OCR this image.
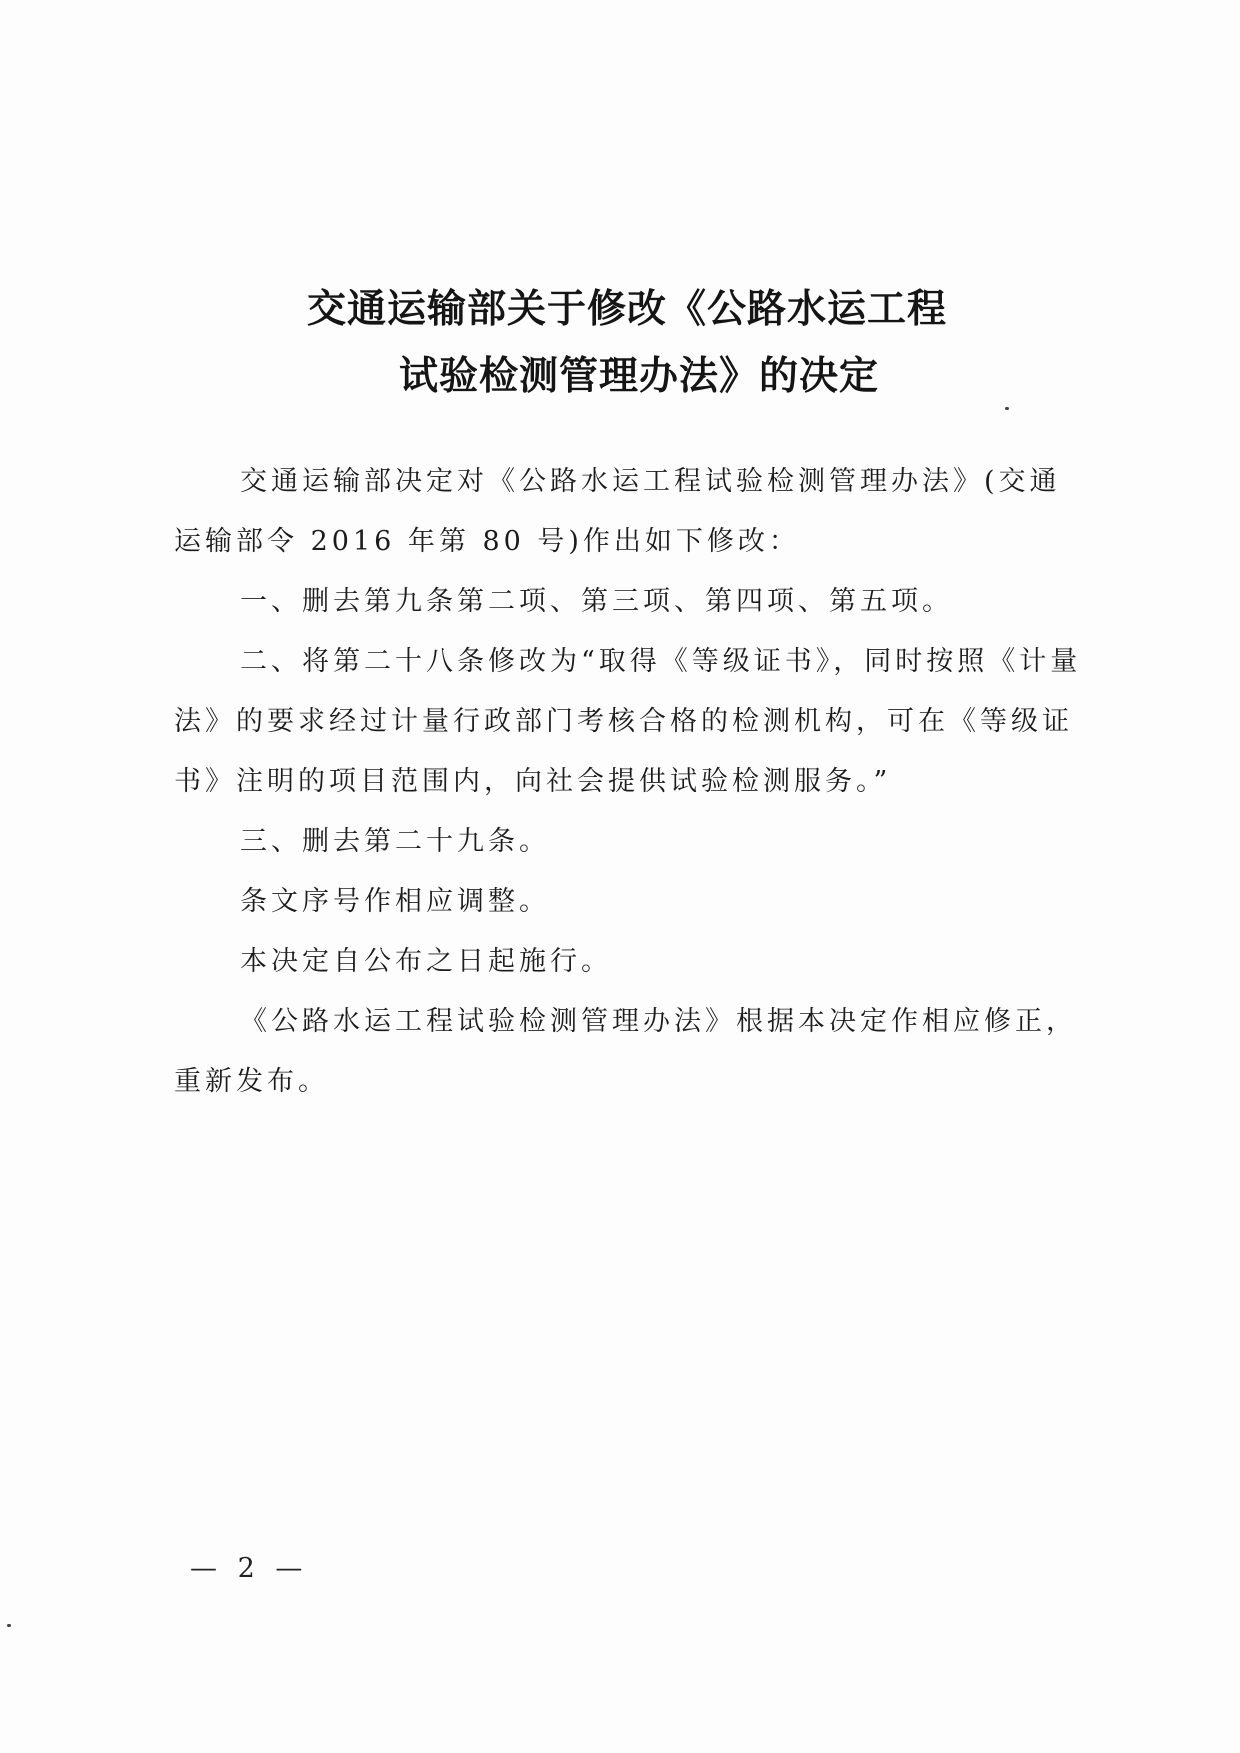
交通运输部关于修改《公路水运工程
试验检测管理办法》的决定

交通运输部决定对《公路水运工程试验检测管理办法》(交通
运输部令 2016 年第 80 号)作出如下修改：

一、删去第九条第二项、第三项、第四项、第五项。

二、将第二十八条修改为“取得《等级证书》，同时按照《计量
法》的要求经过计量行政部门考核合格的检测机构，可在《等级证
书》注明的项目范围内，向社会提供试验检测服务。”

三、删去第二十九条。

条文序号作相应调整。

本决定自公布之日起施行。

《公路水运工程试验检测管理办法》根据本决定作相应修正，
重新发布。

— 2 —
